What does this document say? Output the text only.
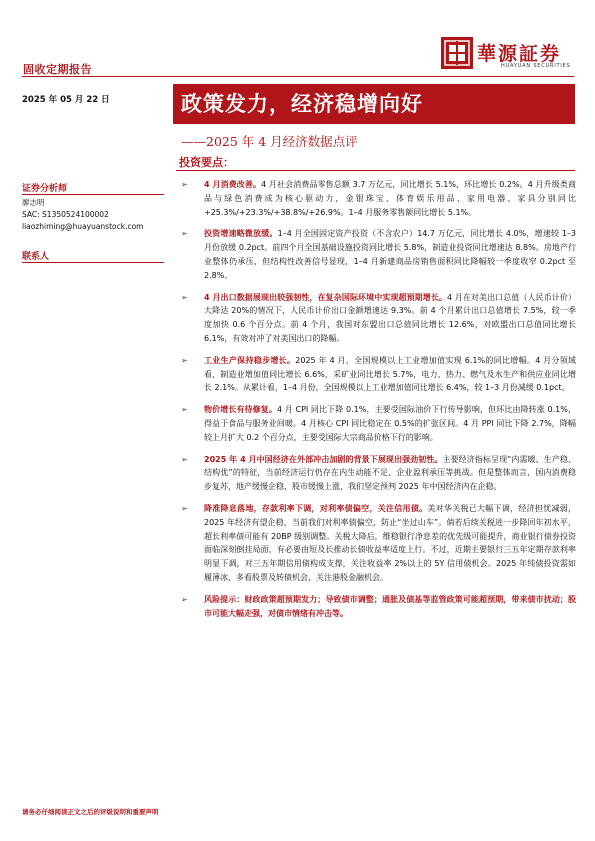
固收定期报告
華源証券
HUAYUAN SECURITIES
2025 年 05 月 22 日	政策发力，经济稳增向好
——2025 年 4 月经济数据点评
投资要点：
证券分析师
廖志明
SAC: S1350524100002
liaozhiming@huayuanstock.com
联系人
➢ 4 月消费改善。4 月社会消费品零售总额 3.7 万亿元，同比增长 5.1%，环比增长 0.2%。4 月升级类商品与绿色消费成为核心驱动力，金银珠宝、体育娱乐用品、家用电器、家具分别同比+25.3%/+23.3%/+38.8%/+26.9%。1–4 月服务零售额同比增长 5.1%。
➢ 投资增速略微放缓。1–4 月全国固定资产投资（不含农户）14.7 万亿元，同比增长 4.0%，增速较 1–3 月份放缓 0.2pct。前四个月全国基础设施投资同比增长 5.8%，制造业投资同比增速达 8.8%。房地产行业整体仍承压，但结构性改善信号显现，1–4 月新建商品房销售面积同比降幅较一季度收窄 0.2pct 至 2.8%。
➢ 4 月出口数据展现出较强韧性，在复杂国际环境中实现超预期增长。4 月在对美出口总值（人民币计价）大降达 20%的情况下，人民币计价出口金额增速达 9.3%。前 4 个月累计出口总值增长 7.5%，较一季度加快 0.6 个百分点。前 4 个月，我国对东盟出口总值同比增长 12.6%，对欧盟出口总值同比增长 6.1%，有效对冲了对美国出口的降幅。
➢ 工业生产保持稳步增长。2025 年 4 月，全国规模以上工业增加值实现 6.1%的同比增幅。4 月分领域看，制造业增加值同比增长 6.6%，采矿业同比增长 5.7%，电力、热力、燃气及水生产和供应业同比增长 2.1%。从累计看，1–4 月份，全国规模以上工业增加值同比增长 6.4%，较 1–3 月份减缓 0.1pct。
➢ 物价增长有待修复。4 月 CPI 同比下降 0.1%，主要受国际油价下行传导影响，但环比由降转涨 0.1%，得益于食品与服务业回暖。4 月核心 CPI 同比稳定在 0.5%的扩张区间。4 月 PPI 同比下降 2.7%，降幅较上月扩大 0.2 个百分点，主要受国际大宗商品价格下行的影响。
➢ 2025 年 4 月中国经济在外部冲击加剧的背景下展现出强劲韧性。主要经济指标呈现“内需暖、生产稳、结构优”的特征，当前经济运行仍存在内生动能不足、企业盈利承压等挑战。但是整体而言，国内消费稳步复苏，地产缓慢企稳，股市缓慢上涨，我们坚定预判 2025 年中国经济内在企稳。
➢ 降准降息落地，存款利率下调，对利率债偏空，关注信用债。美对华关税已大幅下调，经济担忧减弱，2025 年经济有望企稳，当前我们对利率债偏空，防止“坐过山车”。倘若后续关税进一步降回年初水平，超长利率债可能有 20BP 级别调整。关税大降后，维稳银行净息差的优先级可能提升，商业银行债券投资面临深刻倒挂局面，有必要由短及长推动长债收益率适度上行。不过，近期主要银行三五年定期存款利率明显下调，对三五年期信用债构成支撑，关注收益率 2%以上的 5Y 信用债机会。2025 年纯债投资需如履薄冰，多看股票及转债机会，关注港股金融机会。
➢ 风险提示：财政政策超预期发力；导致债市调整；通胀及债基等监管政策可能超预期，带来债市扰动；股市可能大幅走强，对债市情绪有冲击等。
请务必仔细阅读正文之后的评级说明和重要声明
